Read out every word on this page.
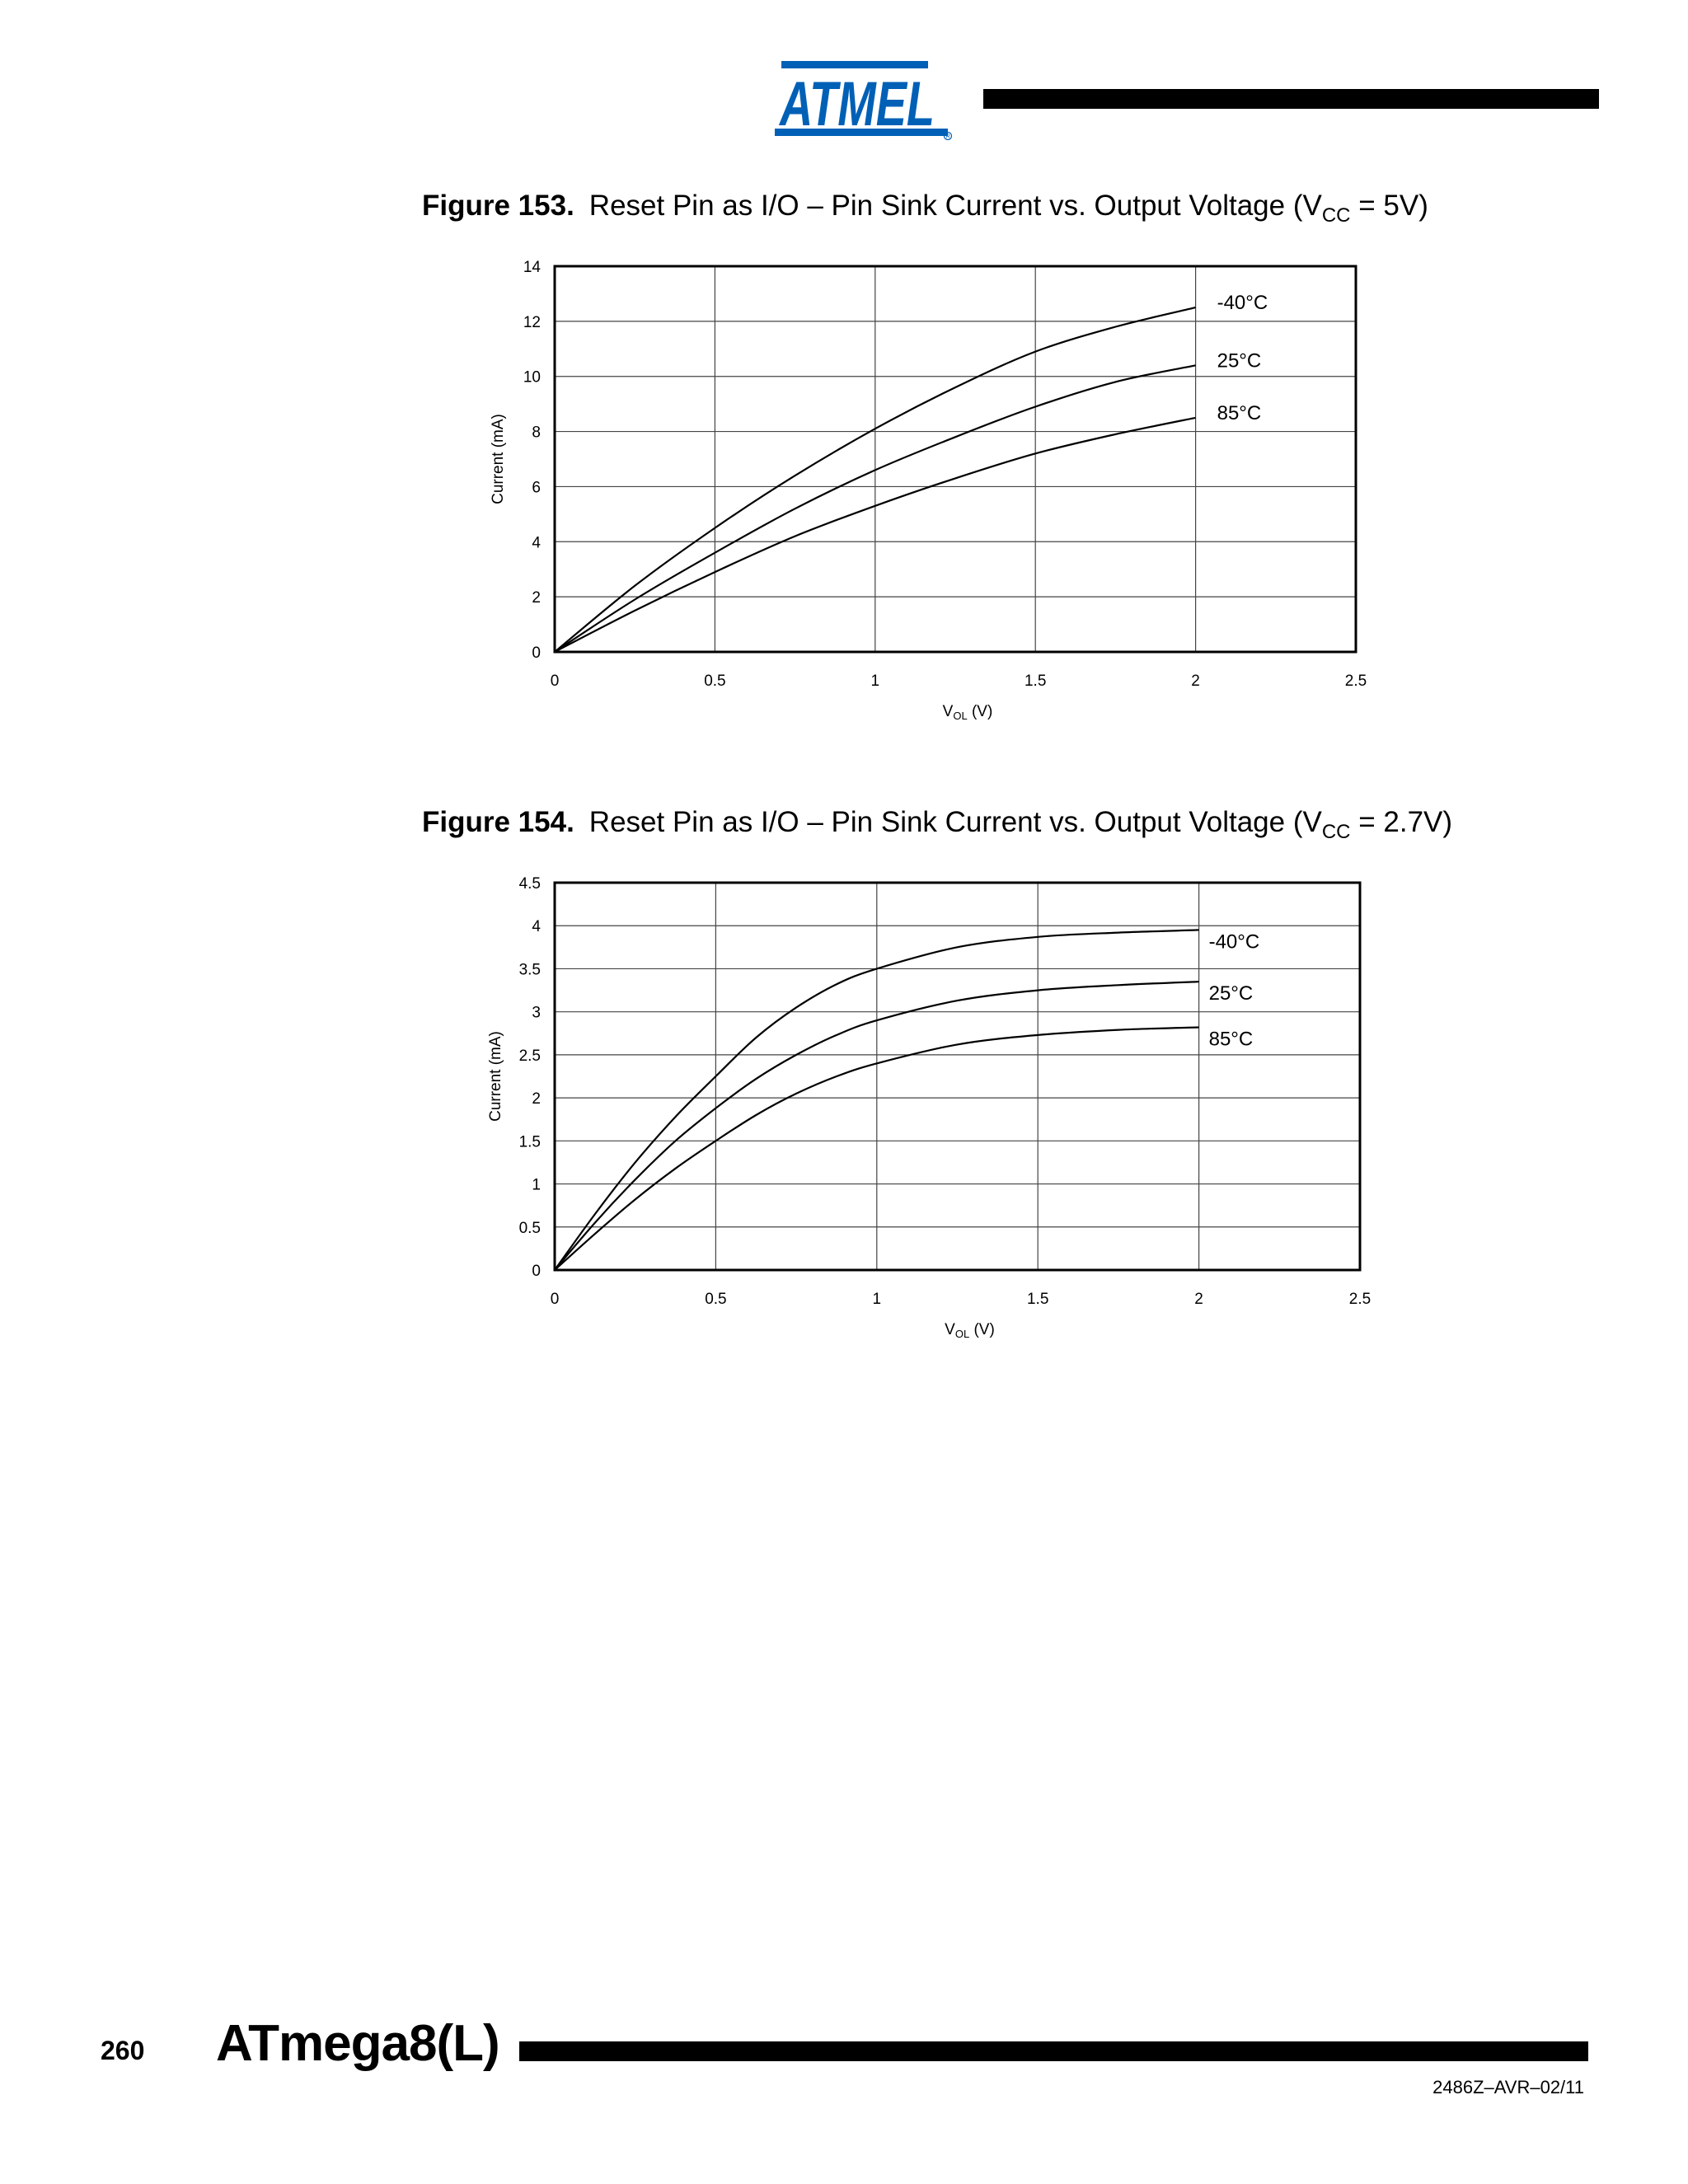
ATMEL R
Figure 153. Reset Pin as I/O – Pin Sink Current vs. Output Voltage $(V_{CC} = 5V)$
0	0.5	1	1.5	2	2.5
0
2
4
6
8
10
12
14
$V_{OL}$ (V)
Current (mA)
-40°C
25°C
85°C
Figure 154. Reset Pin as I/O – Pin Sink Current vs. Output Voltage $(V_{CC} = 2.7V)$
0	0.5	1	1.5	2	2.5
0
0.5
1
1.5
2
2.5
3
3.5
4
4.5
$V_{OL}$ (V)
Current (mA)
-40°C
25°C
85°C
260 ATmega8(L)
2486Z–AVR–02/11
